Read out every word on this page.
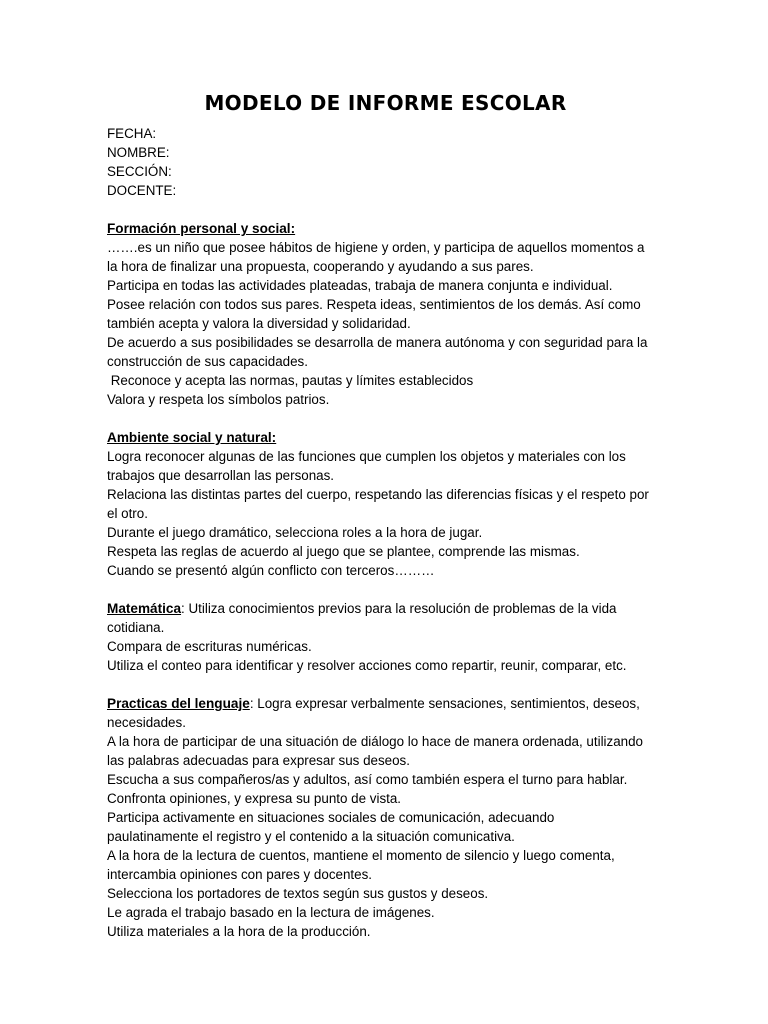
MODELO DE INFORME ESCOLAR

FECHA:

NOMBRE:

SECCIÓN:

DOCENTE:

Formación personal y social:

…….es un niño que posee hábitos de higiene y orden, y participa de aquellos momentos a

la hora de finalizar una propuesta, cooperando y ayudando a sus pares.

Participa en todas las actividades plateadas, trabaja de manera conjunta e individual.

Posee relación con todos sus pares. Respeta ideas, sentimientos de los demás. Así como

también acepta y valora la diversidad y solidaridad.

De acuerdo a sus posibilidades se desarrolla de manera autónoma y con seguridad para la

construcción de sus capacidades.

Reconoce y acepta las normas, pautas y límites establecidos

Valora y respeta los símbolos patrios.

Ambiente social y natural:

Logra reconocer algunas de las funciones que cumplen los objetos y materiales con los

trabajos que desarrollan las personas.

Relaciona las distintas partes del cuerpo, respetando las diferencias físicas y el respeto por

el otro.

Durante el juego dramático, selecciona roles a la hora de jugar.

Respeta las reglas de acuerdo al juego que se plantee, comprende las mismas.

Cuando se presentó algún conflicto con terceros………

Matemática: Utiliza conocimientos previos para la resolución de problemas de la vida

cotidiana.

Compara de escrituras numéricas.

Utiliza el conteo para identificar y resolver acciones como repartir, reunir, comparar, etc.

Practicas del lenguaje: Logra expresar verbalmente sensaciones, sentimientos, deseos,

necesidades.

A la hora de participar de una situación de diálogo lo hace de manera ordenada, utilizando

las palabras adecuadas para expresar sus deseos.

Escucha a sus compañeros/as y adultos, así como también espera el turno para hablar.

Confronta opiniones, y expresa su punto de vista.

Participa activamente en situaciones sociales de comunicación, adecuando

paulatinamente el registro y el contenido a la situación comunicativa.

A la hora de la lectura de cuentos, mantiene el momento de silencio y luego comenta,

intercambia opiniones con pares y docentes.

Selecciona los portadores de textos según sus gustos y deseos.

Le agrada el trabajo basado en la lectura de imágenes.

Utiliza materiales a la hora de la producción.
